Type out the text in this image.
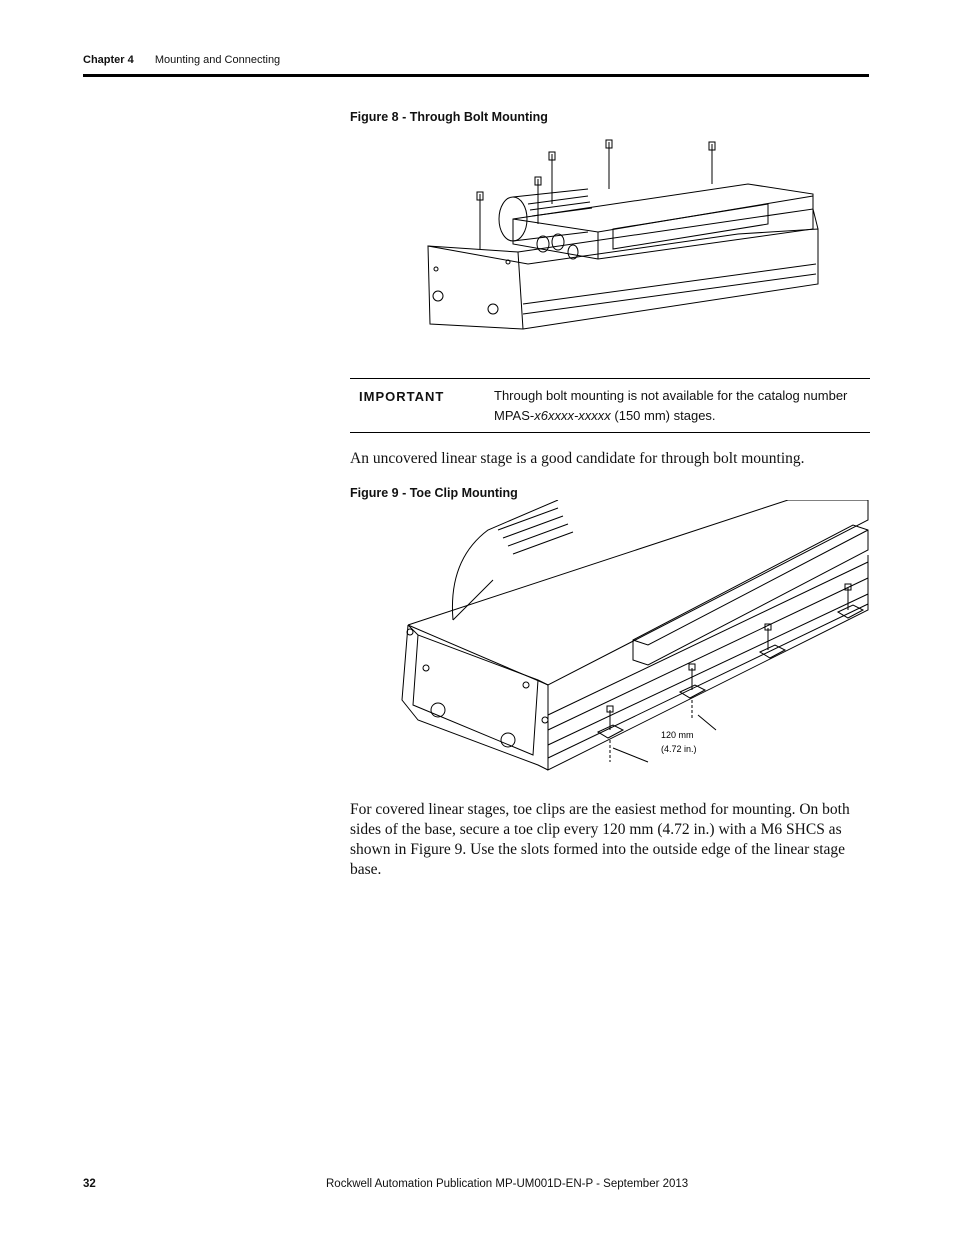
Chapter 4 Mounting and Connecting
Figure 8 - Through Bolt Mounting
IMPORTANT	Through bolt mounting is not available for the catalog number MPAS-x6xxxx-xxxxx (150 mm) stages.
An uncovered linear stage is a good candidate for through bolt mounting.
Figure 9 - Toe Clip Mounting
120 mm
(4.72 in.)
For covered linear stages, toe clips are the easiest method for mounting. On both sides of the base, secure a toe clip every 120 mm (4.72 in.) with a M6 SHCS as shown in Figure 9. Use the slots formed into the outside edge of the linear stage base.
32	Rockwell Automation Publication MP-UM001D-EN-P - September 2013
